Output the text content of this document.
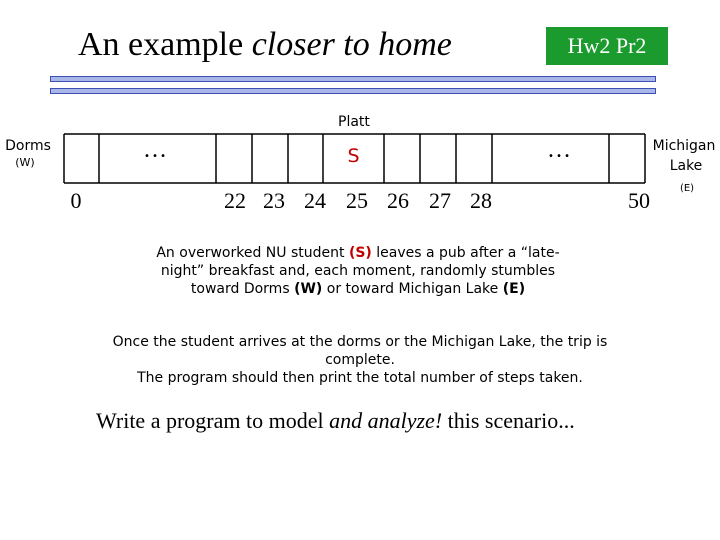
An example closer to home	Hw2 Pr2
Platt
Dorms
(W)
Michigan
Lake
(E)
…	S	…
0	22 23 24 25 26 27 28	50
An overworked NU student (S) leaves a pub after a “late-night” breakfast and, each moment, randomly stumbles toward Dorms (W) or toward Michigan Lake (E)
Once the student arrives at the dorms or the Michigan Lake, the trip is complete.
The program should then print the total number of steps taken.
Write a program to model and analyze! this scenario...
